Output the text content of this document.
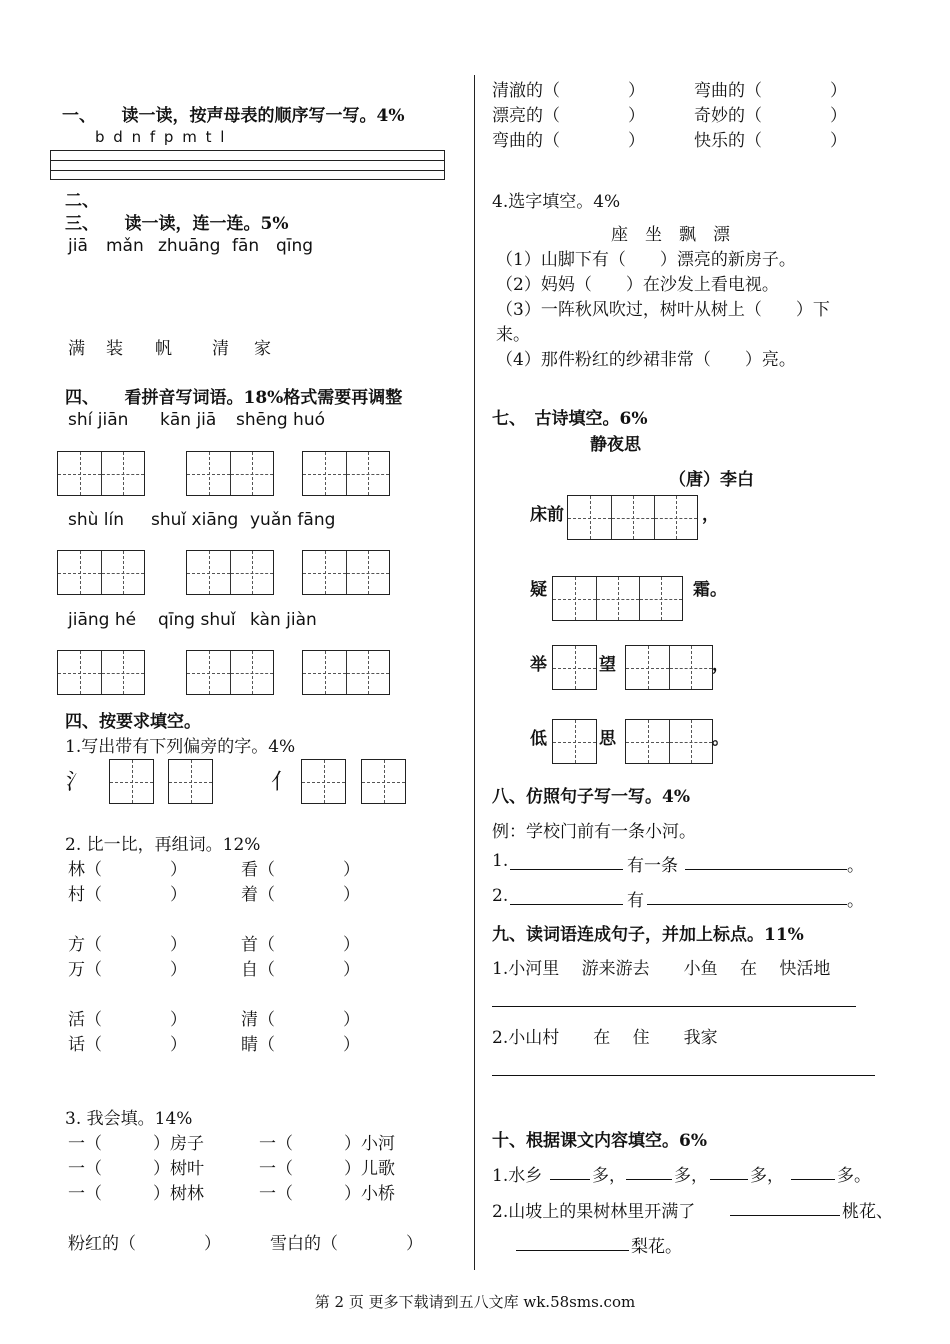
一、　　读一读，按声母表的顺序写一写。4%
b d n f p m t l
二、
三、　　读一读，连一连。5%
jiā mǎn zhuāng fān qīng
满 装 帆 清 家
四、　　看拼音写词语。18%格式需要再调整
shí jiān kān jiā shēng huó
shù lín shuǐ xiāng yuǎn fāng
jiāng hé qīng shuǐ kàn jiàn
四、按要求填空。
1.写出带有下列偏旁的字。4%
氵	亻
2. 比一比，再组词。12%
林（　　　　）	看（　　　　）
村（　　　　）	着（　　　　）
方（　　　　）	首（　　　　）
万（　　　　）	自（　　　　）
活（　　　　）	清（　　　　）
话（　　　　）	睛（　　　　）
3. 我会填。14%
一（　　　）房子	一（　　　）小河
一（　　　）树叶	一（　　　）儿歌
一（　　　）树林	一（　　　）小桥
粉红的（　　　　）	雪白的（　　　　）
清澈的（　　　　）	弯曲的（　　　　）
漂亮的（　　　　）	奇妙的（　　　　）
弯曲的（　　　　）	快乐的（　　　　）
4.选字填空。4%
座　坐　飘　漂
（1）山脚下有（　　）漂亮的新房子。
（2）妈妈（　　）在沙发上看电视。
（3）一阵秋风吹过，树叶从树上（　　）下
来。
（4）那件粉红的纱裙非常（　　）亮。
七、　古诗填空。6%
静夜思
（唐）李白
床前	，
疑	霜。
举	望	，
低	思	。
八、仿照句子写一写。4%
例：学校门前有一条小河。
1.	有一条	。
2.	有	。
九、读词语连成句子，并加上标点。11%
1.小河里　 游来游去　　小鱼　 在　 快活地
2.小山村　　在　 住　　我家
十、根据课文内容填空。6%
1.水乡	多，	多， 多，	多。
2.山坡上的果树林里开满了	桃花、
梨花。
第 2 页 更多下载请到五八文库 wk.58sms.com
